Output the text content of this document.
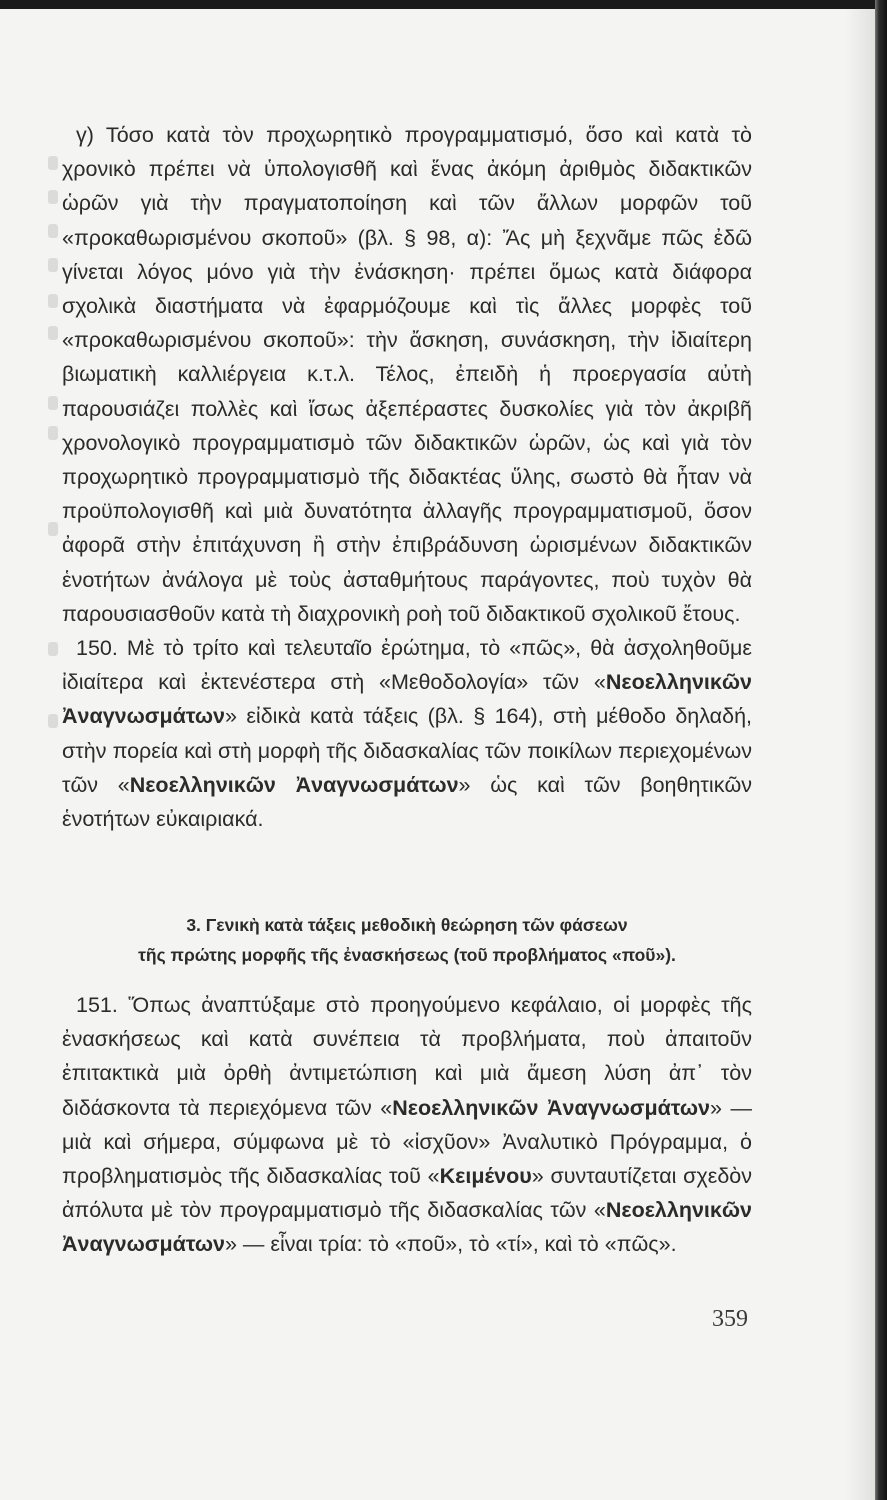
γ) Τόσο κατὰ τὸν προχωρητικὸ προγραμματισμό, ὅσο καὶ κατὰ τὸ χρονικὸ πρέπει νὰ ὑπολογισθῆ καὶ ἕνας ἀκόμη ἀριθμὸς διδακτικῶν ὡρῶν γιὰ τὴν πραγματοποίηση καὶ τῶν ἄλλων μορφῶν τοῦ «προκαθωρισμένου σκοποῦ» (βλ. § 98, α): Ἄς μὴ ξεχνᾶμε πῶς ἐδῶ γίνεται λόγος μόνο γιὰ τὴν ἐνάσκηση· πρέπει ὅμως κατὰ διάφορα σχολικὰ διαστήματα νὰ ἐφαρμόζουμε καὶ τὶς ἄλλες μορφὲς τοῦ «προκαθωρισμένου σκοποῦ»: τὴν ἄσκηση, συνάσκηση, τὴν ἰδιαίτερη βιωματικὴ καλλιέργεια κ.τ.λ. Τέλος, ἐπειδὴ ἡ προεργασία αὐτὴ παρουσιάζει πολλὲς καὶ ἴσως ἀξεπέραστες δυσκολίες γιὰ τὸν ἀκριβῆ χρονολογικὸ προγραμματισμὸ τῶν διδακτικῶν ὡρῶν, ὡς καὶ γιὰ τὸν προχωρητικὸ προγραμματισμὸ τῆς διδακτέας ὕλης, σωστὸ θὰ ἦταν νὰ προϋπολογισθῆ καὶ μιὰ δυνατότητα ἀλλαγῆς προγραμματισμοῦ, ὅσον ἀφορᾶ στὴν ἐπιτάχυνση ἢ στὴν ἐπιβράδυνση ὡρισμένων διδακτικῶν ἑνοτήτων ἀνάλογα μὲ τοὺς ἀσταθμήτους παράγοντες, ποὺ τυχὸν θὰ παρουσιασθοῦν κατὰ τὴ διαχρονικὴ ροὴ τοῦ διδακτικοῦ σχολικοῦ ἔτους.

150. Μὲ τὸ τρίτο καὶ τελευταῖο ἐρώτημα, τὸ «πῶς», θὰ ἀσχοληθοῦμε ἰδιαίτερα καὶ ἐκτενέστερα στὴ «Μεθοδολογία» τῶν «Νεοελληνικῶν Ἀναγνωσμάτων» εἰδικὰ κατὰ τάξεις (βλ. § 164), στὴ μέθοδο δηλαδή, στὴν πορεία καὶ στὴ μορφὴ τῆς διδασκαλίας τῶν ποικίλων περιεχομένων τῶν «Νεοελληνικῶν Ἀναγνωσμάτων» ὡς καὶ τῶν βοηθητικῶν ἑνοτήτων εὐκαιριακά.

3. Γενικὴ κατὰ τάξεις μεθοδικὴ θεώρηση τῶν φάσεων
τῆς πρώτης μορφῆς τῆς ἐνασκήσεως (τοῦ προβλήματος «ποῦ»).

151. Ὅπως ἀναπτύξαμε στὸ προηγούμενο κεφάλαιο, οἱ μορφὲς τῆς ἐνασκήσεως καὶ κατὰ συνέπεια τὰ προβλήματα, ποὺ ἀπαιτοῦν ἐπιτακτικὰ μιὰ ὀρθὴ ἀντιμετώπιση καὶ μιὰ ἄμεση λύση ἀπ᾽ τὸν διδάσκοντα τὰ περιεχόμενα τῶν «Νεοελληνικῶν Ἀναγνωσμάτων» — μιὰ καὶ σήμερα, σύμφωνα μὲ τὸ «ἰσχῦον» Ἀναλυτικὸ Πρόγραμμα, ὁ προβληματισμὸς τῆς διδασκαλίας τοῦ «Κειμένου» συνταυτίζεται σχεδὸν ἀπόλυτα μὲ τὸν προγραμματισμὸ τῆς διδασκαλίας τῶν «Νεοελληνικῶν Ἀναγνωσμάτων» — εἶναι τρία: τὸ «ποῦ», τὸ «τί», καὶ τὸ «πῶς».

359
